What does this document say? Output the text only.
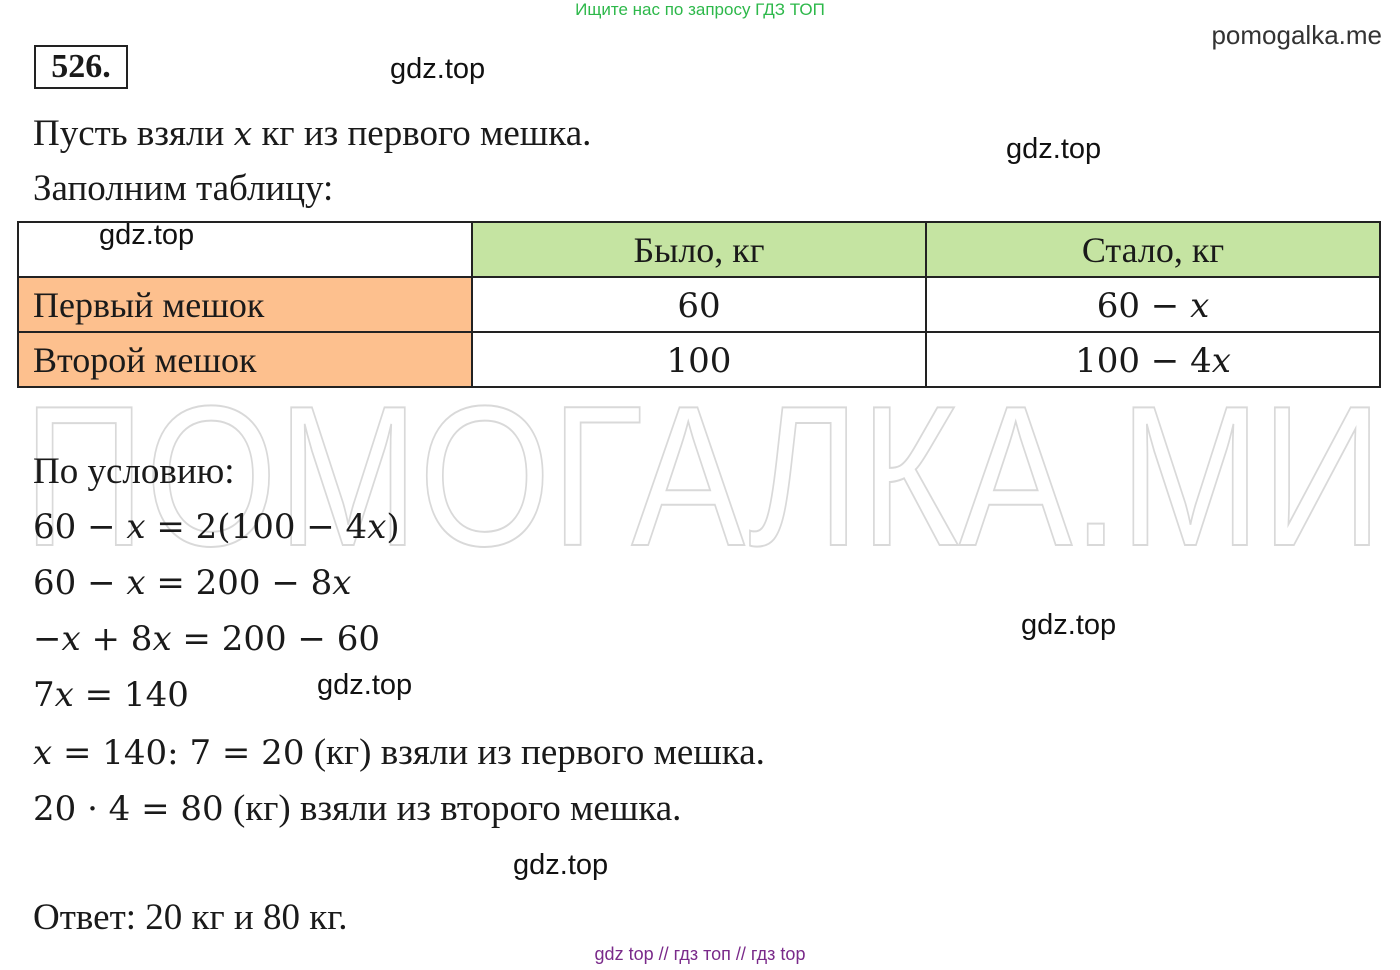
Ищите нас по запросу ГДЗ ТОП
pomogalka.me
526.
ПОМОГАЛКА.МИ
gdz.top
gdz.top
gdz.top
gdz.top
gdz.top
Пусть взяли x кг из первого мешка.
Заполним таблицу:
gdz.top	Было, кг	Стало, кг
Первый мешок	60	60 − x
Второй мешок	100	100 − 4x
По условию:
60 − x = 2(100 − 4x)
60 − x = 200 − 8x
−x + 8x = 200 − 60
7x = 140
x = 140: 7 = 20 (кг) взяли из первого мешка.
20 · 4 = 80 (кг) взяли из второго мешка.
Ответ: 20 кг и 80 кг.
gdz top // гдз топ // гдз top
